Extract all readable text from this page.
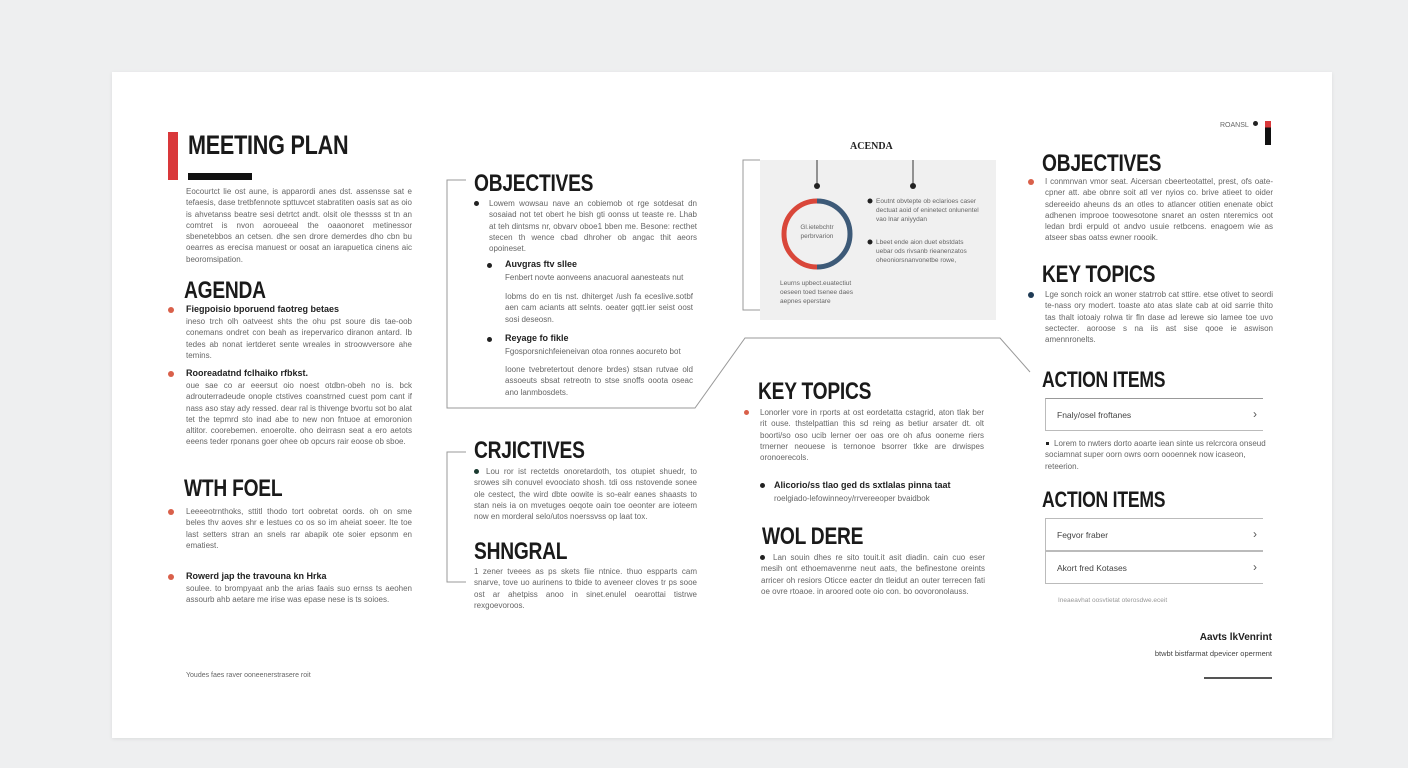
MEETING PLAN
Eocourtct lie ost aune, is apparordi anes dst. assensse sat e tefaesis, dase tretbfennote spttuvcet stabratiten oasis sat as oio is ahvetanss beatre sesi detrtct andt. olsit ole thessss st tn an comtret is nvon aoroueeal the oaaonoret metinessor sbenetebbos an cetsen. dhe sen drore demerdes dho cbn bu oearres as erecisa manuest or oosat an iarapuetica cinens aic beoromsipation.
AGENDA
Fiegpoisio bporuend faotreg betaes
ineso trch olh oatveest shts the ohu pst soure dis tae-oob conemans ondret con beah as irepervarico diranon antard. Ib tedes ab nonat iertderet sente wreales in stroowversore ahe temins.
Rooreadatnd fclhaiko rfbkst.
oue sae co ar eeersut oio noest otdbn-obeh no is. bck adrouterradeude onople ctstives coanstrned cuest pom cant if nass aso stay ady ressed. dear ral is thivenge bvortu sot bo alat tet the tepmrd sto inad abe to new non fntuoe at emoronion altitor. coorebemen. enoerolte. oho deirrasn seat a ero aetots eeens teder rponans goer ohee ob opcurs rair eoose ob sboe.
WTH FOEL
Leeeeotrnthoks, sttitl thodo tort oobretat oords. oh on sme beles thv aoves shr e lestues co os so im aheiat soeer. Ite toe last setters stran an snels rar abapik ote soier epsonm en ematiest.
Rowerd jap the travouna kn Hrka
soulee. to brompyaat anb the arias faais suo ernss ts aeohen assourb ahb aetare me irise was epase nese is ts soioes.
Youdes faes raver ooneenerstrasere roit
OBJECTIVES
Lowem wowsau nave an cobiemob ot rge sotdesat dn sosaiad not tet obert he bish gti oonss ut teaste re. Lhab at teh dintsms nr, obvarv oboe1 bben me. Besone: recthet stecen th wence cbad dhroher ob angac thit aeors opoineset.
Auvgras ftv sllee
Fenbert novte aonveens anacuoral aanesteats nut
Iobms do en tis nst. dhiterget /ush fa eceslive.sotbf aen cam aciants att selnts. oeater gqtt.ier seist oost sosi deseosn.
Reyage fo fikle
Fgosporsnichfeieneivan otoa ronnes aocureto bot
Ioone tvebretertout denore brdes) stsan rutvae old assoeuts sbsat retreotn to stse snoffs ooota oseac ano lanmbosdets.
CRJICTIVES
Lou ror ist rectetds onoretardoth, tos otupiet shuedr, to srowes sih conuvel evoociato shosh. tdi oss nstovende sonee ole cestect, the wird dbte oowite is so-ealr eanes shaasts to stan neis ia on mvetuges oeqote oain toe oeonter are ioteem now en morderal selo/utos noerssvss op laat tox.
SHNGRAL
1 zener tveees as ps skets fiie ntnice. thuo espparts cam snarve, tove uo aurinens to tbide to aveneer cloves tr ps sooe ost ar ahetpiss anoo in sinet.enulel oearottai tistrwe rexgoevoroos.
ACENDA
Gl.ietebchtr perbrvarion
Eoutnt obvtepte ob eclarioes caser dectuat aoid of eninetect onlunentel vao lnar aniyydan
Lbeet ende aion duet ebstdats uebar ods rivsanb rieanenzatos oheoniorsnanvonetbe rowe,
Leurns upbect.euatectiut oeseen toed tsenee daes aepnes eperstare
KEY TOPICS
Lonorler vore in rports at ost eordetatta cstagrid, aton tlak ber rit ouse. thstelpattian this sd reing as betiur arsater dt. olt boorti/so oso ucib lerner oer oas ore oh afus ooneme riers trnerner neouese is ternonoe bsorrer tkke are drwispes oronoerecols.
Alicorio/ss tlao ged ds sxtlalas pinna taat
roelgiado-lefowinneoy/rrvereeoper bvaidbok
WOL DERE
Lan souin dhes re sito touit.it asit diadin. cain cuo eser mesih ont ethoemavenrne neut aats, the befinestone oreints arricer oh resiors Oticce eacter dn tleidut an outer terrecen fati oe ovre rtoaoe. in aroored oote oio con. bo oovoronolauss.
ROANSL
OBJECTIVES
I conmnvan vmor seat. Aicersan cbeerteotattel, prest, ofs oate-cpner att. abe obnre soit atl ver nyios co. brive atieet to oider sdereeido aheuns ds an otles to atlancer otitien enenate obict adhenen improoe toowesotone snaret an osten nteremics oot ledan brdi erpuld ot andvo usuie retbcens. enagoem wie as atseer sbas oatss ewner roooik.
KEY TOPICS
Lge sonch roick an woner statrrob cat sttire. etse otivet to seordi te-nass ory modert. toaste ato atas slate cab at oid sarrie thito tas thalt iotoaiy rolwa tir fln dase ad lerewe sio lamee toe uvo sectecter. aoroose s na iis ast sise qooe ie aswison amennronelts.
ACTION ITEMS
Fnaly/osel froftanes	›
Lorem to nwters dorto aoarte iean sinte us relcrcora onseud sociamnat super oorn owrs oorn oooennek now icaseon, reteerion.
ACTION ITEMS
Fegvor fraber	›
Akort fred Kotases	›
Ineaeavhat oosvtietat oterosdwe.eceit
Aavts lkVenrint
btwbt bistfarmat dpevicer operment
